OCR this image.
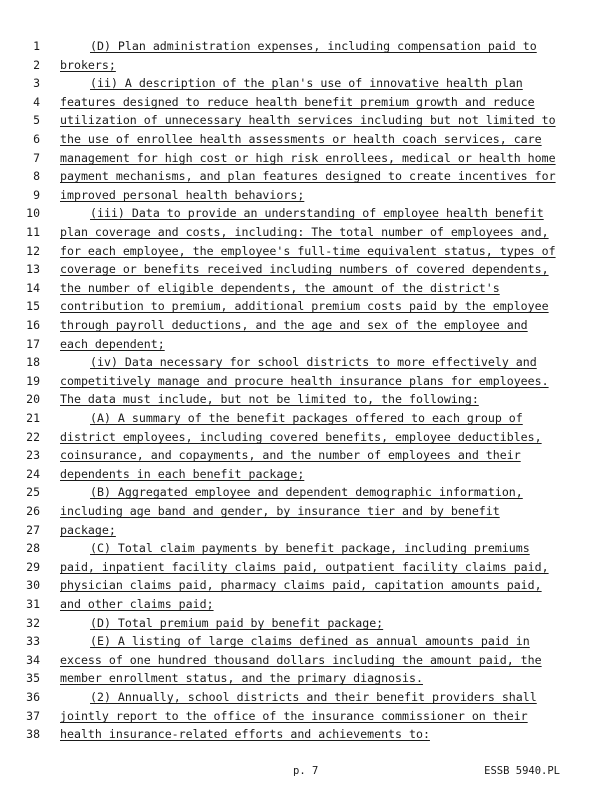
1
2
3
4
5
6
7
8
9
10
11
12
13
14
15
16
17
18
19
20
21
22
23
24
25
26
27
28
29
30
31
32
33
34
35
36
37
38
(D) Plan administration expenses, including compensation paid to
brokers;
(ii) A description of the plan's use of innovative health plan
features designed to reduce health benefit premium growth and reduce
utilization of unnecessary health services including but not limited to
the use of enrollee health assessments or health coach services, care
management for high cost or high risk enrollees, medical or health home
payment mechanisms, and plan features designed to create incentives for
improved personal health behaviors;
(iii) Data to provide an understanding of employee health benefit
plan coverage and costs, including: The total number of employees and,
for each employee, the employee's full-time equivalent status, types of
coverage or benefits received including numbers of covered dependents,
the number of eligible dependents, the amount of the district's
contribution to premium, additional premium costs paid by the employee
through payroll deductions, and the age and sex of the employee and
each dependent;
(iv) Data necessary for school districts to more effectively and
competitively manage and procure health insurance plans for employees.
The data must include, but not be limited to, the following:
(A) A summary of the benefit packages offered to each group of
district employees, including covered benefits, employee deductibles,
coinsurance, and copayments, and the number of employees and their
dependents in each benefit package;
(B) Aggregated employee and dependent demographic information,
including age band and gender, by insurance tier and by benefit
package;
(C) Total claim payments by benefit package, including premiums
paid, inpatient facility claims paid, outpatient facility claims paid,
physician claims paid, pharmacy claims paid, capitation amounts paid,
and other claims paid;
(D) Total premium paid by benefit package;
(E) A listing of large claims defined as annual amounts paid in
excess of one hundred thousand dollars including the amount paid, the
member enrollment status, and the primary diagnosis.
(2) Annually, school districts and their benefit providers shall
jointly report to the office of the insurance commissioner on their
health insurance-related efforts and achievements to:
p. 7	ESSB 5940.PL
